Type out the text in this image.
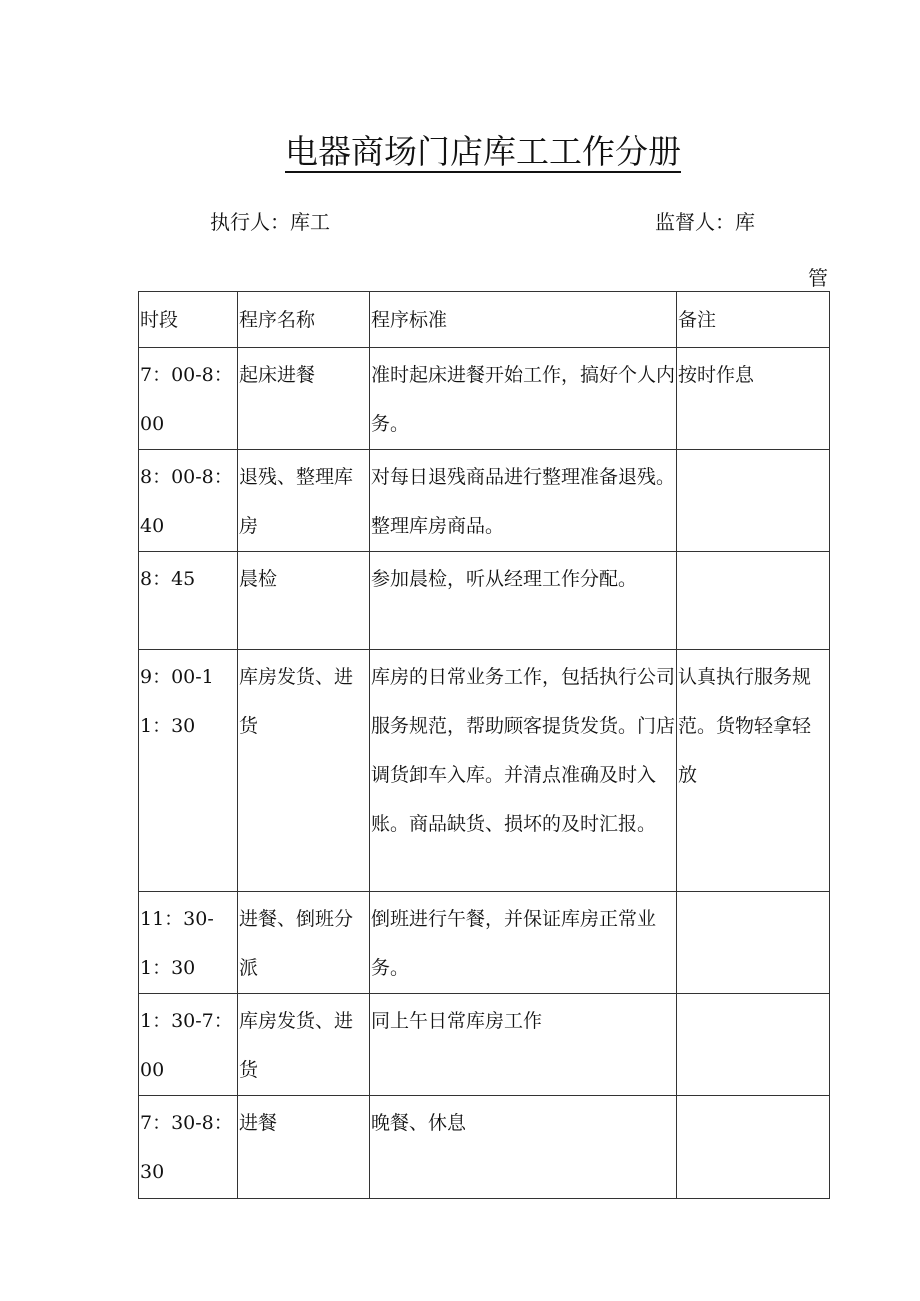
电器商场门店库工工作分册
执行人：库工	监督人：库
管
时段	程序名称	程序标准	备注

7：00-8：00	起床进餐	准时起床进餐开始工作，搞好个人内务。	按时作息

8：00-8：40	退残、整理库房	对每日退残商品进行整理准备退残。整理库房商品。	

8：45	晨检	参加晨检，听从经理工作分配。	

9：00-11：30	库房发货、进货	库房的日常业务工作，包括执行公司服务规范，帮助顾客提货发货。门店调货卸车入库。并清点准确及时入账。商品缺货、损坏的及时汇报。	认真执行服务规范。货物轻拿轻放

11：30-1：30	进餐、倒班分派	倒班进行午餐，并保证库房正常业务。	

1：30-7：00	库房发货、进货	同上午日常库房工作	

7：30-8：30	进餐	晚餐、休息	
